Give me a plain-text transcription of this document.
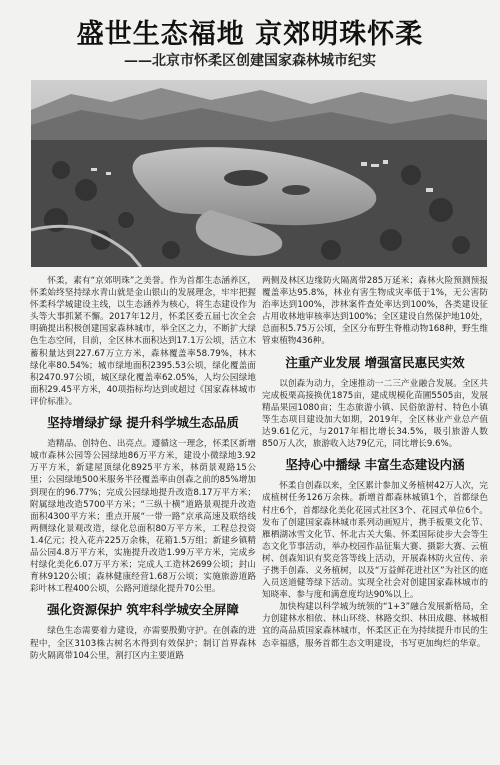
盛世生态福地 京郊明珠怀柔
——北京市怀柔区创建国家森林城市纪实

怀柔，素有“京郊明珠”之美誉。作为首都生态涵养区，怀柔始终坚持绿水青山就是金山银山的发展理念，牢牢把握怀柔科学城建设主线，以生态涵养为核心，将生态建设作为头等大事抓紧不懈。2017年12月，怀柔区委五届七次全会明确提出积极创建国家森林城市，举全区之力，不断扩大绿色生态空间，目前，全区林木面积达到17.1万公顷，活立木蓄积量达到227.67万立方米，森林覆盖率58.79%，林木绿化率80.54%；城市绿地面积2395.53公顷，绿化覆盖面积2470.97公顷，城区绿化覆盖率62.05%，人均公园绿地面积29.45平方米，40项指标均达到或超过《国家森林城市评价标准》。

坚持增绿扩绿 提升科学城生态品质

造精品、创特色、出亮点。遵循这一理念，怀柔区新增城市森林公园等公园绿地86万平方米，建设小微绿地3.92万平方米，新建屋顶绿化8925平方米，林荫景观路15公里；公园绿地500米服务半径覆盖率由创森之前的85%增加到现在的96.77%；完成公园绿地提升改造8.17万平方米；附属绿地改造5700平方米；“三纵十横”道路景观提升改造面积4300平方米；重点开展“一带一路”京承高速及联络线两侧绿化景观改造，绿化总面积80万平方米，工程总投资1.4亿元；投入花卉225万余株，花箱1.5万组；新建乡镇精品公园4.8万平方米，实施提升改造1.99万平方米，完成乡村绿化美化6.07万平方米；完成人工造林2699公顷；封山育林9120公顷；森林健康经营1.68万公顷；实施旅游道路彩叶林工程400公顷，公路河道绿化提升70公里。

强化资源保护 筑牢科学城安全屏障

绿色生态需要着力建设，亦需要殷勤守护。在创森的进程中，全区3103株古树名木得到有效保护；制订首界森林防火隔离带104公里，割打区内主要道路

两侧及林区边缘防火隔离带285万延米；森林火险预测预报覆盖率达95.8%，林业有害生物成灾率低于1%，无公害防治率达到100%，涉林案件查处率达到100%，各类建设征占用收林地审核率达到100%；全区建设自然保护地10处，总面积5.75万公顷，全区分布野生脊椎动物168种，野生维管束植物436种。

注重产业发展 增强富民惠民实效

以创森为动力，全速推动一二三产业融合发展。全区共完成板栗高接换优1875亩，建成规模化苗圃5505亩，发展精品果园1080亩；生态旅游小镇、民俗旅游村、特色小镇等生态项目建设加大如期，2019年，全区林业产业总产值达9.61亿元，与2017年相比增长34.5%，吸引旅游人数850万人次，旅游收入达79亿元，同比增长9.6%。

坚持心中播绿 丰富生态建设内涵

怀柔自创森以来，全区累计参加义务植树42万人次，完成植树任务126万余株。新增首都森林城镇1个，首都绿色村庄6个，首都绿化美化花园式社区3个、花园式单位6个。发布了创建国家森林城市系列动画短片，携手板栗文化节、雁栖湖冰雪文化节、怀北古关大集、怀柔国际徒步大会等生态文化节事活动，举办校园作品征集大赛、摄影大赛、云植树、创森知识有奖竞答等线上活动，开展森林防火宣传、亲子携手创森、义务植树，以及“万益鲜花进社区”为社区的庭入员送道健等绿下活动。实现全社会对创建国家森林城市的知晓率、参与度和满意度均达90%以上。

加快构建以科学城为统领的“1+3”融合发展新格局，全力创建林水相依、林山环绕、林路交织、林田成趣、林城相宜的高品质国家森林城市，怀柔区正在为持续提升市民的生态幸福感，服务首都生态文明建设，书写更加绚烂的华章。
